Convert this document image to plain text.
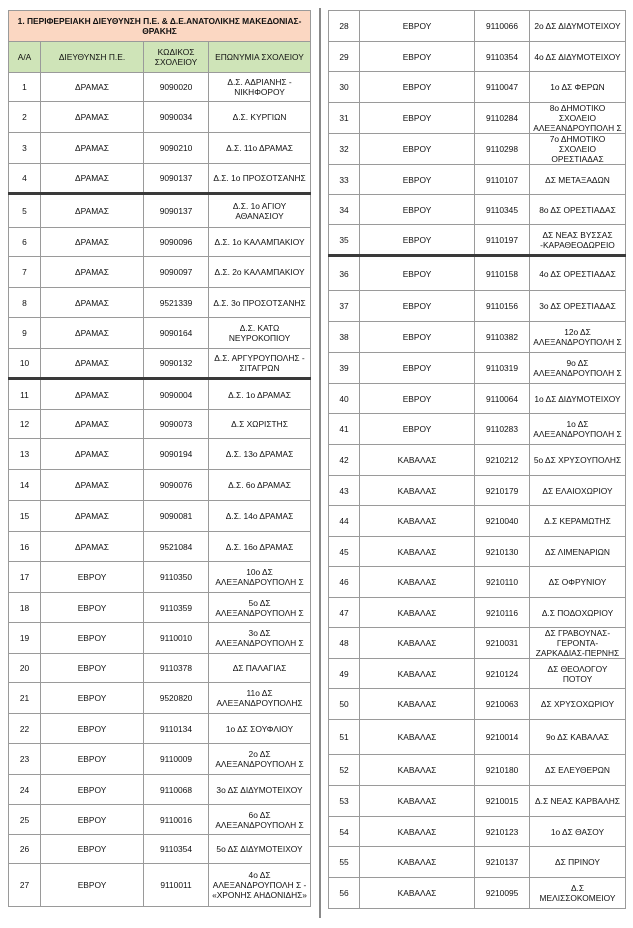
1. ΠΕΡΙΦΕΡΕΙΑΚΗ ΔΙΕΥΘΥΝΣΗ Π.Ε. & Δ.Ε.ΑΝΑΤΟΛΙΚΗΣ ΜΑΚΕΔΟΝΙΑΣ-ΘΡΑΚΗΣ			
Α/Α	ΔΙΕΥΘΥΝΣΗ Π.Ε.	ΚΩΔΙΚΟΣ ΣΧΟΛΕΙΟΥ	ΕΠΩΝΥΜΙΑ ΣΧΟΛΕΙΟΥ
1	ΔΡΑΜΑΣ	9090020	Δ.Σ. ΑΔΡΙΑΝΗΣ - ΝΙΚΗΦΟΡΟΥ
2	ΔΡΑΜΑΣ	9090034	Δ.Σ. ΚΥΡΓΙΩΝ
3	ΔΡΑΜΑΣ	9090210	Δ.Σ. 11ο ΔΡΑΜΑΣ
4	ΔΡΑΜΑΣ	9090137	Δ.Σ. 1ο ΠΡΟΣΟΤΣΑΝΗΣ
5	ΔΡΑΜΑΣ	9090137	Δ.Σ. 1ο ΑΓΙΟΥ ΑΘΑΝΑΣΙΟΥ
6	ΔΡΑΜΑΣ	9090096	Δ.Σ. 1ο ΚΑΛΑΜΠΑΚΙΟΥ
7	ΔΡΑΜΑΣ	9090097	Δ.Σ. 2ο ΚΑΛΑΜΠΑΚΙΟΥ
8	ΔΡΑΜΑΣ	9521339	Δ.Σ. 3ο ΠΡΟΣΟΤΣΑΝΗΣ
9	ΔΡΑΜΑΣ	9090164	Δ.Σ. ΚΑΤΩ ΝΕΥΡΟΚΟΠΙΟΥ
10	ΔΡΑΜΑΣ	9090132	Δ.Σ. ΑΡΓΥΡΟΥΠΟΛΗΣ - ΣΙΤΑΓΡΩΝ
11	ΔΡΑΜΑΣ	9090004	Δ.Σ. 1ο ΔΡΑΜΑΣ
12	ΔΡΑΜΑΣ	9090073	Δ.Σ ΧΩΡΙΣΤΗΣ
13	ΔΡΑΜΑΣ	9090194	Δ.Σ. 13ο ΔΡΑΜΑΣ
14	ΔΡΑΜΑΣ	9090076	Δ.Σ. 6ο ΔΡΑΜΑΣ
15	ΔΡΑΜΑΣ	9090081	Δ.Σ. 14ο ΔΡΑΜΑΣ
16	ΔΡΑΜΑΣ	9521084	Δ.Σ. 16ο ΔΡΑΜΑΣ
17	ΕΒΡΟΥ	9110350	10ο ΔΣ ΑΛΕΞΑΝΔΡΟΥΠΟΛΗ Σ
18	ΕΒΡΟΥ	9110359	5ο ΔΣ ΑΛΕΞΑΝΔΡΟΥΠΟΛΗ Σ
19	ΕΒΡΟΥ	9110010	3ο ΔΣ ΑΛΕΞΑΝΔΡΟΥΠΟΛΗ Σ
20	ΕΒΡΟΥ	9110378	ΔΣ ΠΑΛΑΓΙΑΣ
21	ΕΒΡΟΥ	9520820	11ο ΔΣ ΑΛΕΞΑΝΔΡΟΥΠΟΛΗΣ
22	ΕΒΡΟΥ	9110134	1ο ΔΣ ΣΟΥΦΛΙΟΥ
23	ΕΒΡΟΥ	9110009	2ο ΔΣ ΑΛΕΞΑΝΔΡΟΥΠΟΛΗ Σ
24	ΕΒΡΟΥ	9110068	3ο ΔΣ ΔΙΔΥΜΟΤΕΙΧΟΥ
25	ΕΒΡΟΥ	9110016	6ο ΔΣ ΑΛΕΞΑΝΔΡΟΥΠΟΛΗ Σ
26	ΕΒΡΟΥ	9110354	5ο ΔΣ ΔΙΔΥΜΟΤΕΙΧΟΥ
27	ΕΒΡΟΥ	9110011	4ο ΔΣ ΑΛΕΞΑΝΔΡΟΥΠΟΛΗ Σ - «ΧΡΟΝΗΣ ΑΗΔΟΝΙΔΗΣ»
28	ΕΒΡΟΥ	9110066	2ο ΔΣ ΔΙΔΥΜΟΤΕΙΧΟΥ
29	ΕΒΡΟΥ	9110354	4ο ΔΣ ΔΙΔΥΜΟΤΕΙΧΟΥ
30	ΕΒΡΟΥ	9110047	1ο ΔΣ ΦΕΡΩΝ
31	ΕΒΡΟΥ	9110284	8ο ΔΗΜΟΤΙΚΟ ΣΧΟΛΕΙΟ ΑΛΕΞΑΝΔΡΟΥΠΟΛΗ Σ
32	ΕΒΡΟΥ	9110298	7ο ΔΗΜΟΤΙΚΟ ΣΧΟΛΕΙΟ ΟΡΕΣΤΙΑΔΑΣ
33	ΕΒΡΟΥ	9110107	ΔΣ ΜΕΤΑΞΑΔΩΝ
34	ΕΒΡΟΥ	9110345	8ο ΔΣ ΟΡΕΣΤΙΑΔΑΣ
35	ΕΒΡΟΥ	9110197	ΔΣ ΝΕΑΣ ΒΥΣΣΑΣ -ΚΑΡΑΘΕΟΔΩΡΕΙΟ
36	ΕΒΡΟΥ	9110158	4ο ΔΣ ΟΡΕΣΤΙΑΔΑΣ
37	ΕΒΡΟΥ	9110156	3ο ΔΣ ΟΡΕΣΤΙΑΔΑΣ
38	ΕΒΡΟΥ	9110382	12ο ΔΣ ΑΛΕΞΑΝΔΡΟΥΠΟΛΗ Σ
39	ΕΒΡΟΥ	9110319	9ο ΔΣ ΑΛΕΞΑΝΔΡΟΥΠΟΛΗ Σ
40	ΕΒΡΟΥ	9110064	1ο ΔΣ ΔΙΔΥΜΟΤΕΙΧΟΥ
41	ΕΒΡΟΥ	9110283	1ο ΔΣ ΑΛΕΞΑΝΔΡΟΥΠΟΛΗ Σ
42	ΚΑΒΑΛΑΣ	9210212	5ο ΔΣ ΧΡΥΣΟΥΠΟΛΗΣ
43	ΚΑΒΑΛΑΣ	9210179	ΔΣ ΕΛΑΙΟΧΩΡΙΟΥ
44	ΚΑΒΑΛΑΣ	9210040	Δ.Σ ΚΕΡΑΜΩΤΗΣ
45	ΚΑΒΑΛΑΣ	9210130	ΔΣ ΛΙΜΕΝΑΡΙΩΝ
46	ΚΑΒΑΛΑΣ	9210110	ΔΣ ΟΦΡΥΝΙΟΥ
47	ΚΑΒΑΛΑΣ	9210116	Δ.Σ ΠΟΔΟΧΩΡΙΟΥ
48	ΚΑΒΑΛΑΣ	9210031	ΔΣ ΓΡΑΒΟΥΝΑΣ-ΓΕΡΟΝΤΑ- ΖΑΡΚΑΔΙΑΣ-ΠΕΡΝΗΣ
49	ΚΑΒΑΛΑΣ	9210124	ΔΣ ΘΕΟΛΟΓΟΥ ΠΟΤΟΥ
50	ΚΑΒΑΛΑΣ	9210063	ΔΣ ΧΡΥΣΟΧΩΡΙΟΥ
51	ΚΑΒΑΛΑΣ	9210014	9ο ΔΣ ΚΑΒΑΛΑΣ
52	ΚΑΒΑΛΑΣ	9210180	ΔΣ ΕΛΕΥΘΕΡΩΝ
53	ΚΑΒΑΛΑΣ	9210015	Δ.Σ ΝΕΑΣ ΚΑΡΒΑΛΗΣ
54	ΚΑΒΑΛΑΣ	9210123	1ο ΔΣ ΘΑΣΟΥ
55	ΚΑΒΑΛΑΣ	9210137	ΔΣ ΠΡΙΝΟΥ
56	ΚΑΒΑΛΑΣ	9210095	Δ.Σ ΜΕΛΙΣΣΟΚΟΜΕΙΟΥ
